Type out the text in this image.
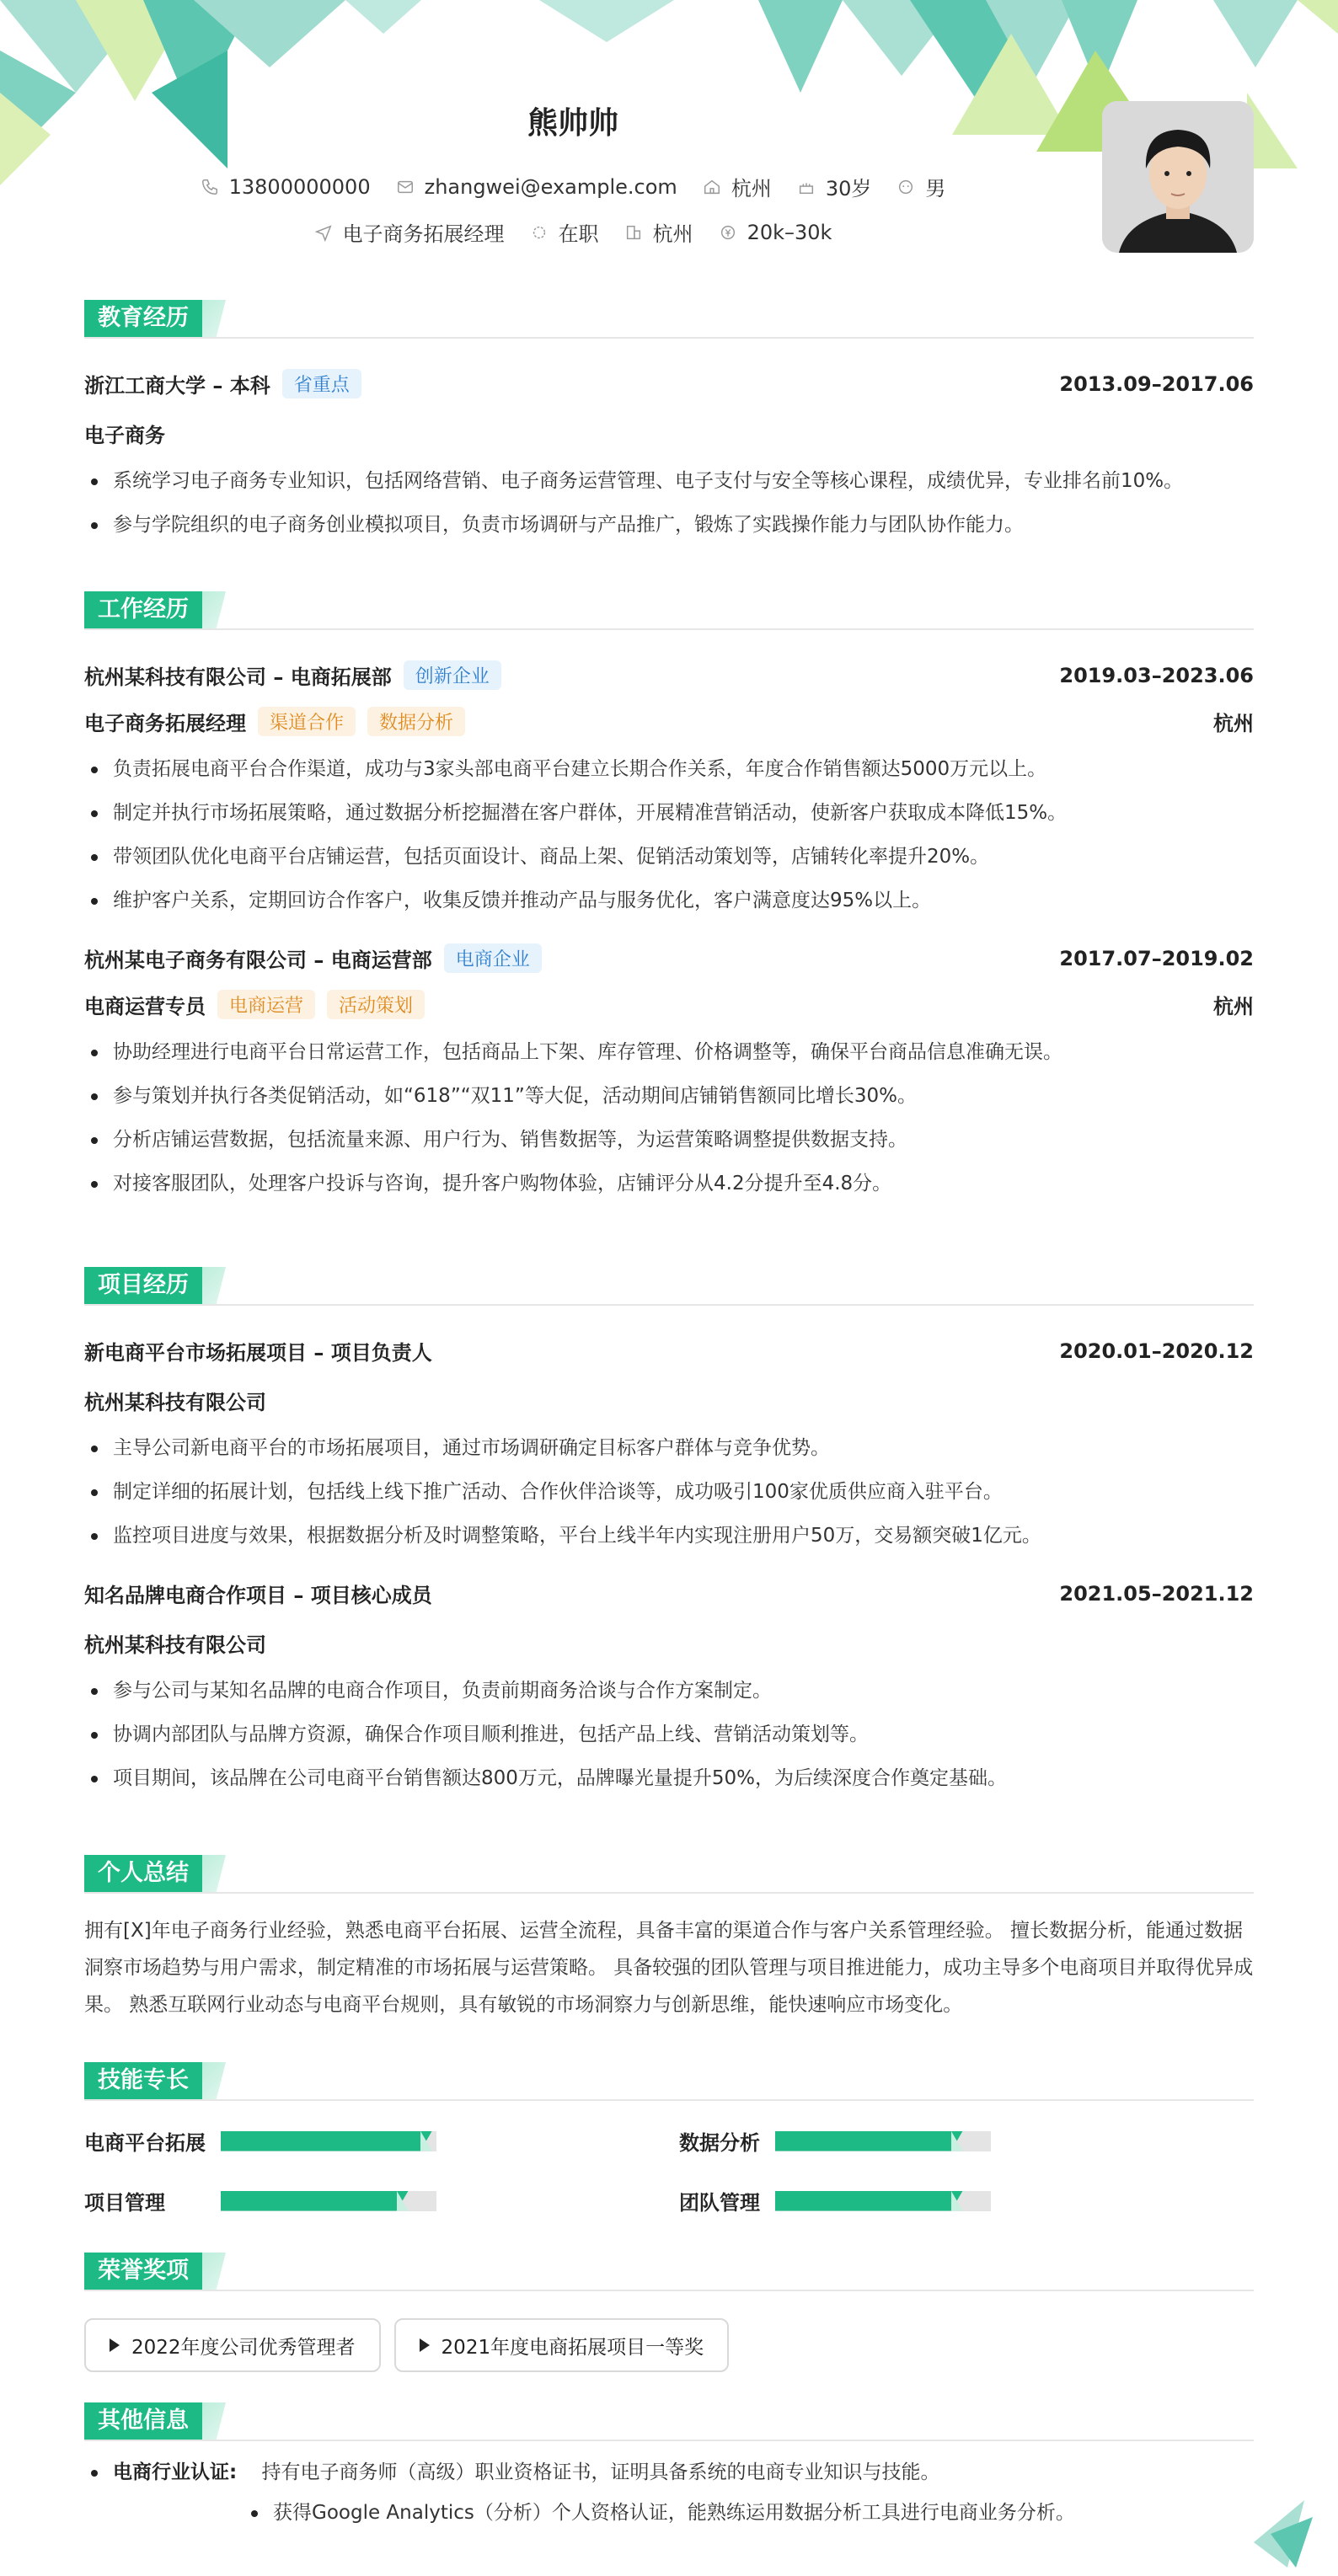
熊帅帅
13800000000	zhangwei@example.com	杭州	30岁	男
电子商务拓展经理	在职	杭州	20k–30k
教育经历
浙江工商大学 – 本科	省重点	2013.09–2017.06
电子商务
系统学习电子商务专业知识，包括网络营销、电子商务运营管理、电子支付与安全等核心课程，成绩优异，专业排名前10%。
参与学院组织的电子商务创业模拟项目，负责市场调研与产品推广，锻炼了实践操作能力与团队协作能力。
工作经历
杭州某科技有限公司 – 电商拓展部	创新企业	2019.03–2023.06
电子商务拓展经理	渠道合作	数据分析	杭州
负责拓展电商平台合作渠道，成功与3家头部电商平台建立长期合作关系，年度合作销售额达5000万元以上。
制定并执行市场拓展策略，通过数据分析挖掘潜在客户群体，开展精准营销活动，使新客户获取成本降低15%。
带领团队优化电商平台店铺运营，包括页面设计、商品上架、促销活动策划等，店铺转化率提升20%。
维护客户关系，定期回访合作客户，收集反馈并推动产品与服务优化，客户满意度达95%以上。
杭州某电子商务有限公司 – 电商运营部	电商企业	2017.07–2019.02
电商运营专员	电商运营	活动策划	杭州
协助经理进行电商平台日常运营工作，包括商品上下架、库存管理、价格调整等，确保平台商品信息准确无误。
参与策划并执行各类促销活动，如“618”“双11”等大促，活动期间店铺销售额同比增长30%。
分析店铺运营数据，包括流量来源、用户行为、销售数据等，为运营策略调整提供数据支持。
对接客服团队，处理客户投诉与咨询，提升客户购物体验，店铺评分从4.2分提升至4.8分。
项目经历
新电商平台市场拓展项目 – 项目负责人	2020.01–2020.12
杭州某科技有限公司
主导公司新电商平台的市场拓展项目，通过市场调研确定目标客户群体与竞争优势。
制定详细的拓展计划，包括线上线下推广活动、合作伙伴洽谈等，成功吸引100家优质供应商入驻平台。
监控项目进度与效果，根据数据分析及时调整策略，平台上线半年内实现注册用户50万，交易额突破1亿元。
知名品牌电商合作项目 – 项目核心成员	2021.05–2021.12
杭州某科技有限公司
参与公司与某知名品牌的电商合作项目，负责前期商务洽谈与合作方案制定。
协调内部团队与品牌方资源，确保合作项目顺利推进，包括产品上线、营销活动策划等。
项目期间，该品牌在公司电商平台销售额达800万元，品牌曝光量提升50%，为后续深度合作奠定基础。
个人总结
拥有[X]年电子商务行业经验，熟悉电商平台拓展、运营全流程，具备丰富的渠道合作与客户关系管理经验。 擅长数据分析，能通过数据洞察市场趋势与用户需求，制定精准的市场拓展与运营策略。 具备较强的团队管理与项目推进能力，成功主导多个电商项目并取得优异成果。 熟悉互联网行业动态与电商平台规则，具有敏锐的市场洞察力与创新思维，能快速响应市场变化。
技能专长
电商平台拓展	数据分析
项目管理	团队管理
荣誉奖项
2022年度公司优秀管理者	2021年度电商拓展项目一等奖
其他信息
电商行业认证: 持有电子商务师（高级）职业资格证书，证明具备系统的电商专业知识与技能。
获得Google Analytics（分析）个人资格认证，能熟练运用数据分析工具进行电商业务分析。
